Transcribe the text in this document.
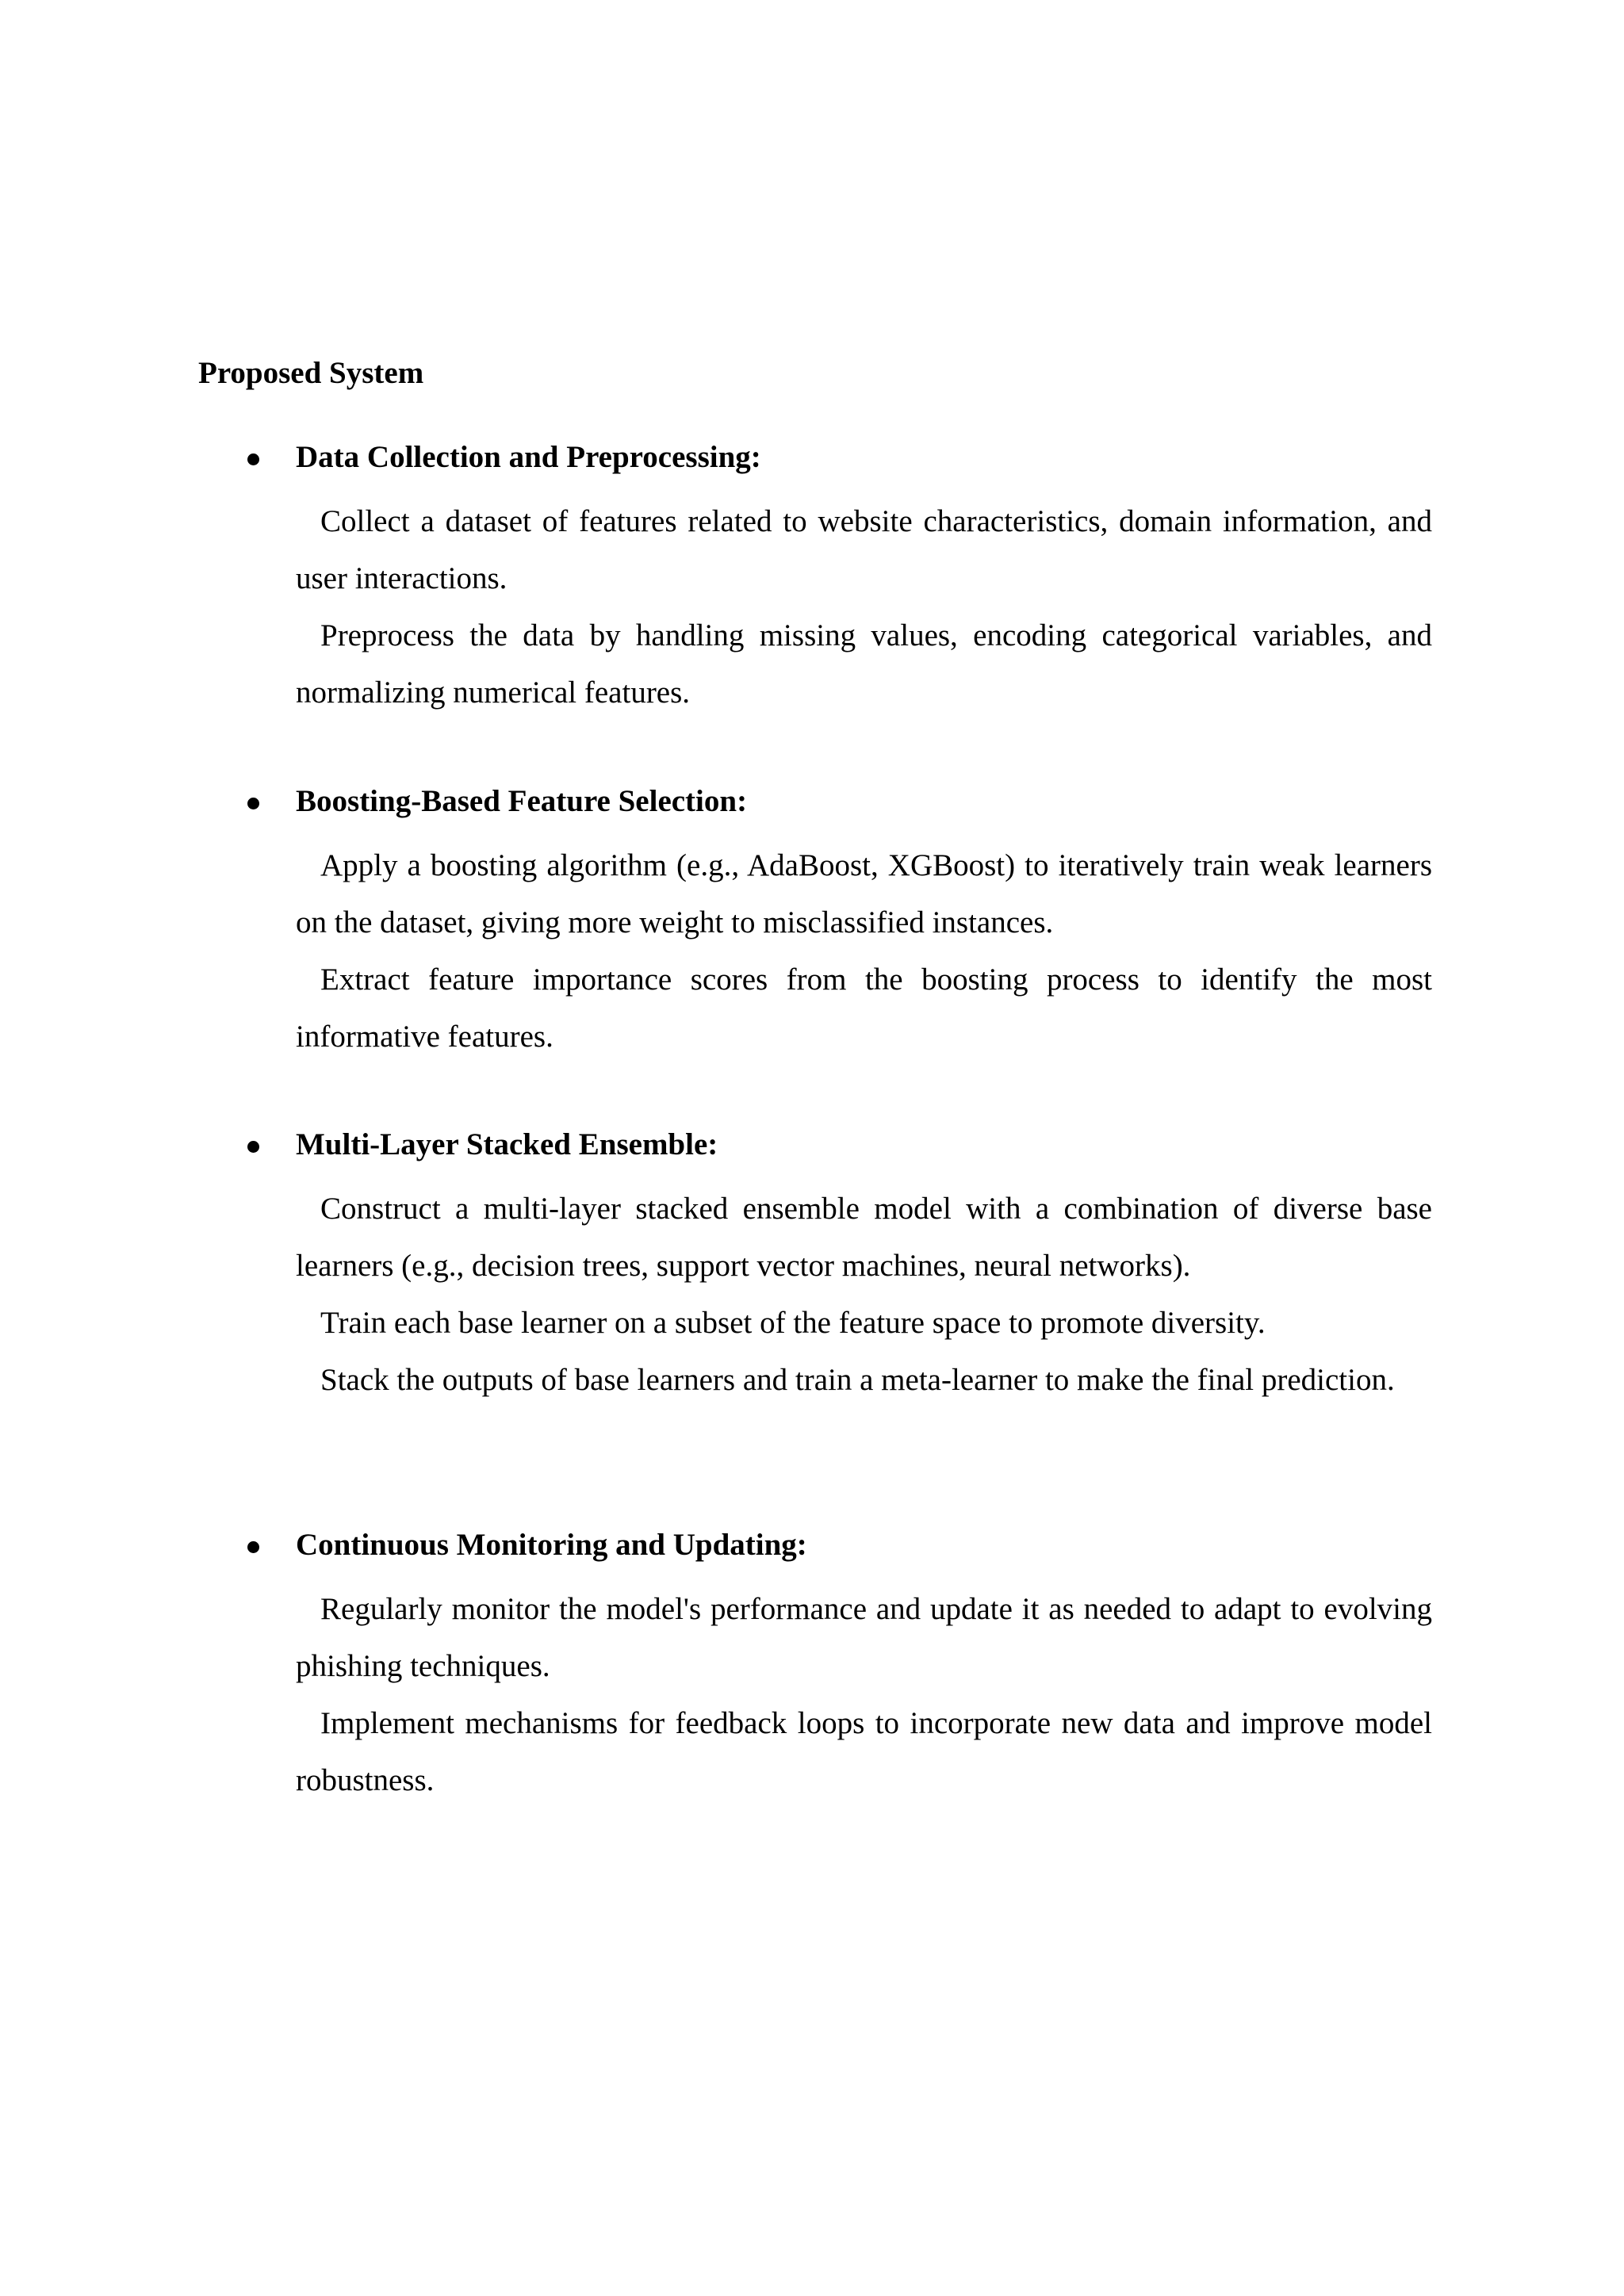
Proposed System
Data Collection and Preprocessing:

Collect a dataset of features related to website characteristics, domain information, and user interactions.

Preprocess the data by handling missing values, encoding categorical variables, and normalizing numerical features.

Boosting-Based Feature Selection:

Apply a boosting algorithm (e.g., AdaBoost, XGBoost) to iteratively train weak learners on the dataset, giving more weight to misclassified instances.

Extract feature importance scores from the boosting process to identify the most informative features.

Multi-Layer Stacked Ensemble:

Construct a multi-layer stacked ensemble model with a combination of diverse base learners (e.g., decision trees, support vector machines, neural networks).

Train each base learner on a subset of the feature space to promote diversity.

Stack the outputs of base learners and train a meta-learner to make the final prediction.

Continuous Monitoring and Updating:

Regularly monitor the model's performance and update it as needed to adapt to evolving phishing techniques.

Implement mechanisms for feedback loops to incorporate new data and improve model robustness.
